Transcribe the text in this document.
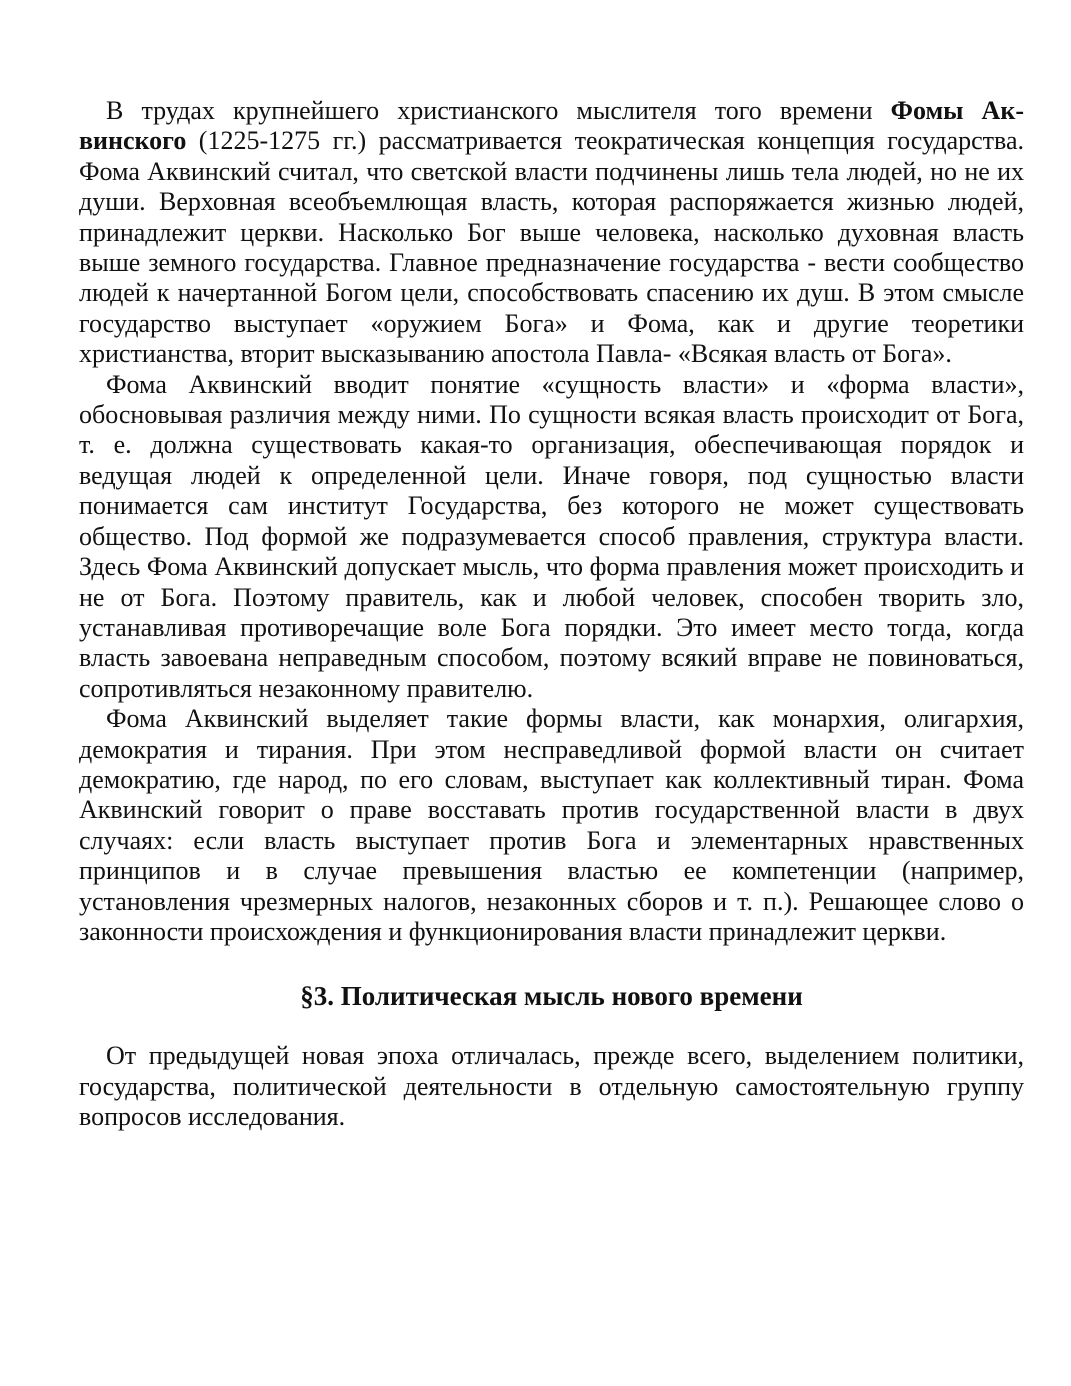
В трудах крупнейшего христианского мыслителя того времени Фомы Аквинского (1225-1275 гг.) рассматривается теократическая концепция государства. Фома Аквинский считал, что светской власти подчинены лишь тела людей, но не их души. Верховная всеобъемлющая власть, которая распоряжается жизнью людей, принадлежит церкви. Насколько Бог выше человека, насколько духовная власть выше земного государства. Главное предназначение государства - вести сообщество людей к начертанной Богом цели, способствовать спасению их душ. В этом смысле государство выступает «оружием Бога» и Фома, как и другие теоретики христианства, вторит высказыванию апостола Павла- «Всякая власть от Бога».

Фома Аквинский вводит понятие «сущность власти» и «форма власти», обосновывая различия между ними. По сущности всякая власть происходит от Бога, т. е. должна существовать какая-то организация, обеспечивающая порядок и ведущая людей к определенной цели. Иначе говоря, под сущностью власти понимается сам институт Государства, без которого не может существовать общество. Под формой же подразумевается способ правления, структура власти. Здесь Фома Аквинский допускает мысль, что форма правления может происходить и не от Бога. Поэтому правитель, как и любой человек, способен творить зло, устанавливая противоречащие воле Бога порядки. Это имеет место тогда, когда власть завоевана неправедным способом, поэтому всякий вправе не повиноваться, сопротивляться незаконному правителю.

Фома Аквинский выделяет такие формы власти, как монархия, олигархия, демократия и тирания. При этом несправедливой формой власти он считает демократию, где народ, по его словам, выступает как коллективный тиран. Фома Аквинский говорит о праве восставать против государственной власти в двух случаях: если власть выступает против Бога и элементарных нравственных принципов и в случае превышения властью ее компетенции (например, установления чрезмерных налогов, незаконных сборов и т. п.). Решающее слово о законности происхождения и функционирования власти принадлежит церкви.

§3. Политическая мысль нового времени

От предыдущей новая эпоха отличалась, прежде всего, выделением политики, государства, политической деятельности в отдельную самостоятельную группу вопросов исследования.
